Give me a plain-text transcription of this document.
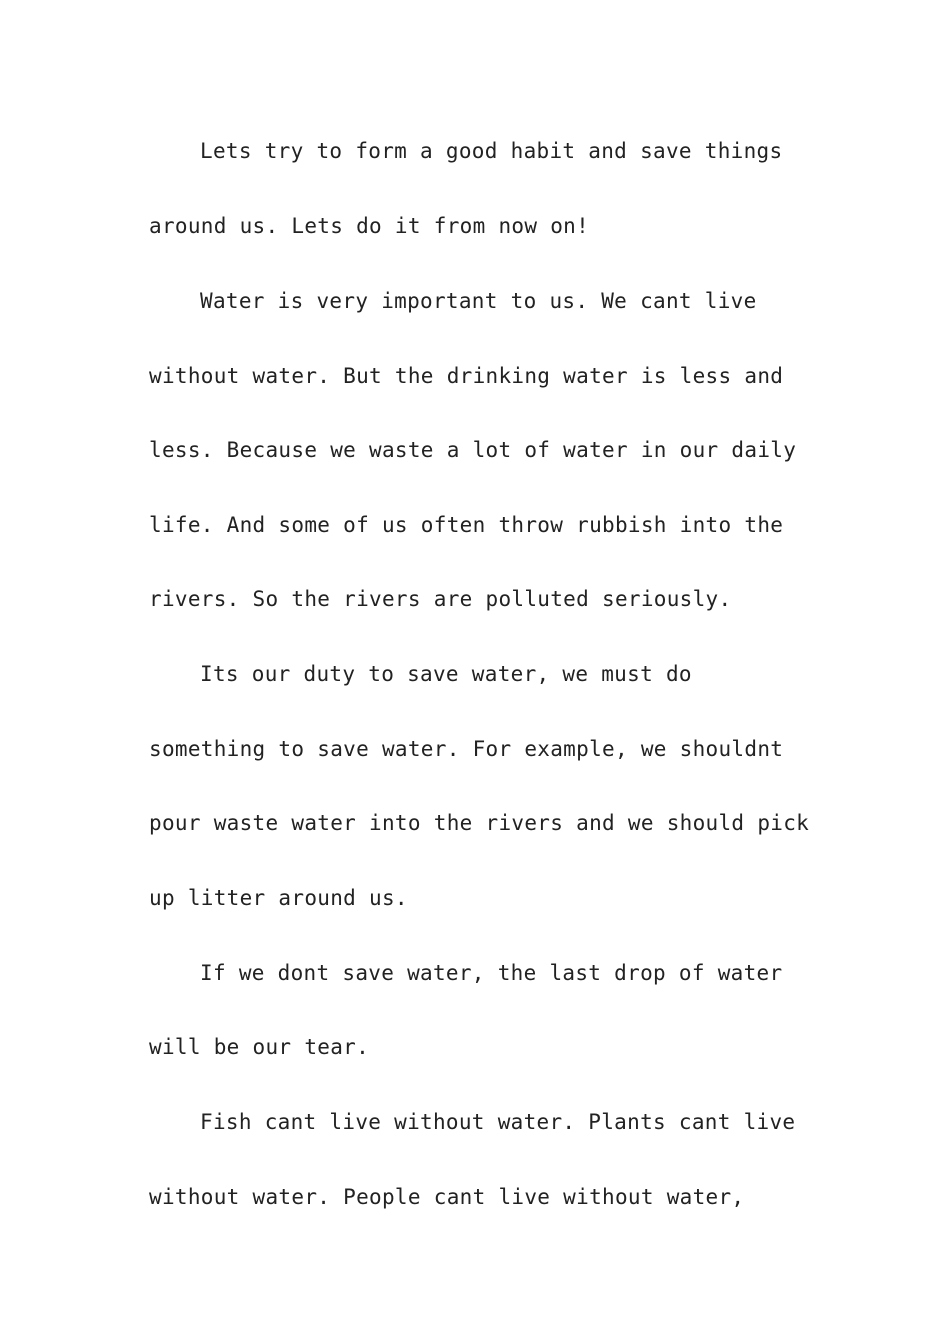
Lets try to form a good habit and save things

around us. Lets do it from now on!

Water is very important to us. We cant live

without water. But the drinking water is less and

less. Because we waste a lot of water in our daily

life. And some of us often throw rubbish into the

rivers. So the rivers are polluted seriously.

Its our duty to save water, we must do

something to save water. For example, we shouldnt

pour waste water into the rivers and we should pick

up litter around us.

If we dont save water, the last drop of water

will be our tear.

Fish cant live without water. Plants cant live

without water. People cant live without water,
